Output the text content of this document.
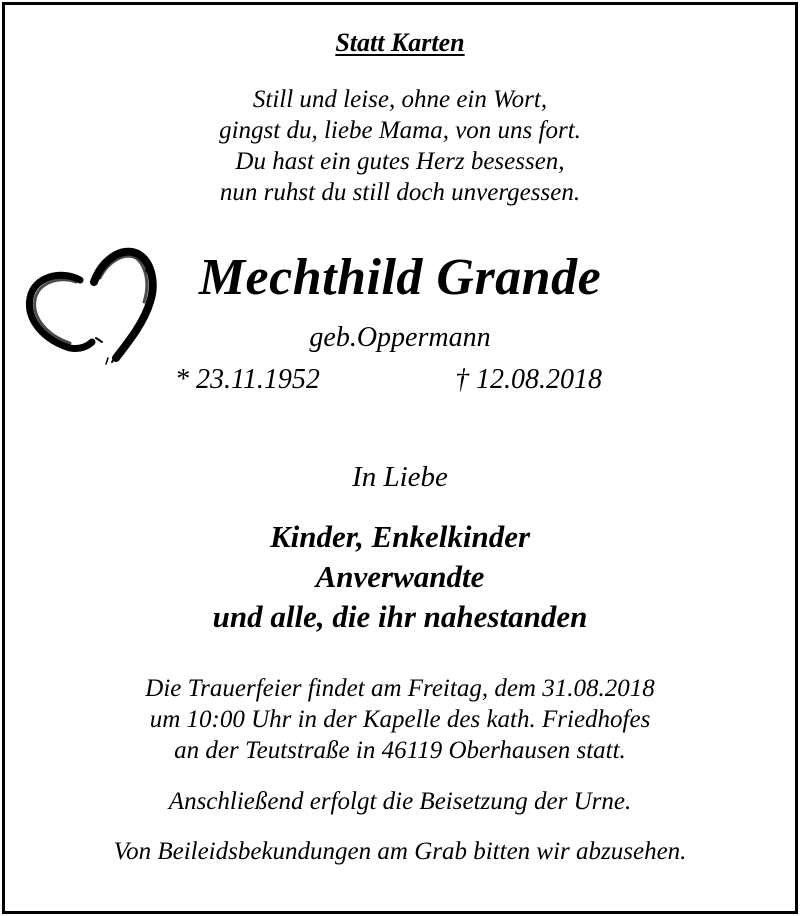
Statt Karten
Still und leise, ohne ein Wort,
gingst du, liebe Mama, von uns fort.
Du hast ein gutes Herz besessen,
nun ruhst du still doch unvergessen.
Mechthild Grande
geb.Oppermann
* 23.11.1952	† 12.08.2018
In Liebe
Kinder, Enkelkinder
Anverwandte
und alle, die ihr nahestanden
Die Trauerfeier findet am Freitag, dem 31.08.2018
um 10:00 Uhr in der Kapelle des kath. Friedhofes
an der Teutstraße in 46119 Oberhausen statt.
Anschließend erfolgt die Beisetzung der Urne.
Von Beileidsbekundungen am Grab bitten wir abzusehen.
